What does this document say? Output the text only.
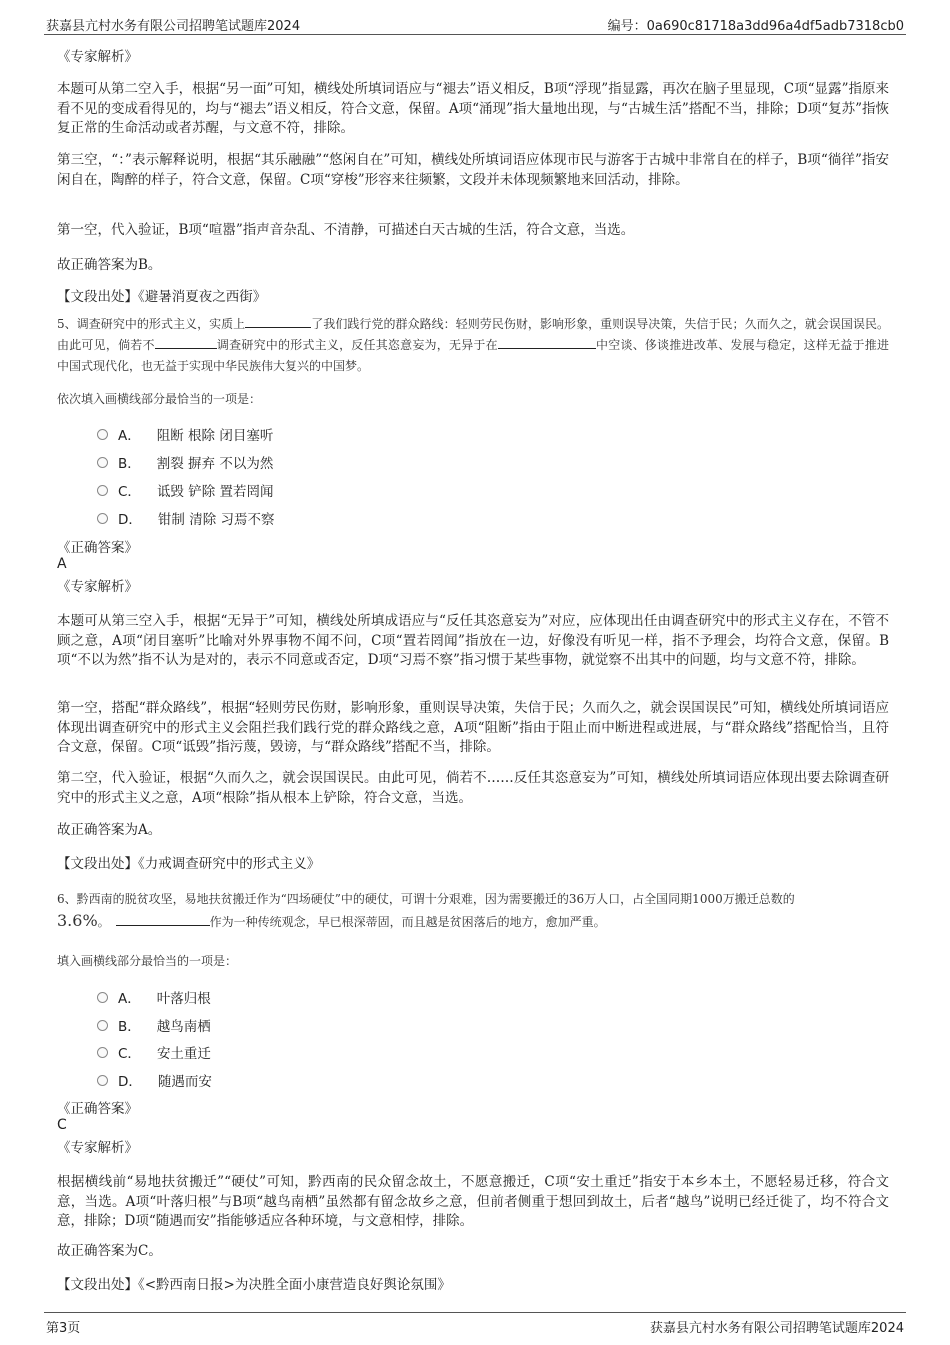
获嘉县亢村水务有限公司招聘笔试题库2024	编号：0a690c81718a3dd96a4df5adb7318cb0
《专家解析》
本题可从第二空入手，根据“另一面”可知，横线处所填词语应与“褪去”语义相反，B项“浮现”指显露，再次在脑子里显现，C项“显露”指原来看不见的变成看得见的，均与“褪去”语义相反，符合文意，保留。A项“涌现”指大量地出现，与“古城生活”搭配不当，排除；D项“复苏”指恢复正常的生命活动或者苏醒，与文意不符，排除。
第三空，“：”表示解释说明，根据“其乐融融”“悠闲自在”可知，横线处所填词语应体现市民与游客于古城中非常自在的样子，B项“徜徉”指安闲自在，陶醉的样子，符合文意，保留。C项“穿梭”形容来往频繁，文段并未体现频繁地来回活动，排除。
第一空，代入验证，B项“喧嚣”指声音杂乱、不清静，可描述白天古城的生活，符合文意，当选。
故正确答案为B。
【文段出处】《避暑消夏夜之西街》
5、调查研究中的形式主义，实质上	了我们践行党的群众路线：轻则劳民伤财，影响形象，重则误导决策，失信于民；久而久之，就会误国误民。由此可见，倘若不	调查研究中的形式主义，反任其恣意妄为，无异于在	中空谈、侈谈推进改革、发展与稳定，这样无益于推进中国式现代化，也无益于实现中华民族伟大复兴的中国梦。
依次填入画横线部分最恰当的一项是：
A． 阻断 根除 闭目塞听
B． 割裂 摒弃 不以为然
C． 诋毁 铲除 置若罔闻
D． 钳制 清除 习焉不察
《正确答案》
A
《专家解析》
本题可从第三空入手，根据“无异于”可知，横线处所填成语应与“反任其恣意妄为”对应，应体现出任由调查研究中的形式主义存在，不管不顾之意，A项“闭目塞听”比喻对外界事物不闻不问，C项“置若罔闻”指放在一边，好像没有听见一样，指不予理会，均符合文意，保留。B项“不以为然”指不认为是对的，表示不同意或否定，D项“习焉不察”指习惯于某些事物，就觉察不出其中的问题，均与文意不符，排除。
第一空，搭配“群众路线”，根据“轻则劳民伤财，影响形象，重则误导决策，失信于民；久而久之，就会误国误民”可知，横线处所填词语应体现出调查研究中的形式主义会阻拦我们践行党的群众路线之意，A项“阻断”指由于阻止而中断进程或进展，与“群众路线”搭配恰当，且符合文意，保留。C项“诋毁”指污蔑，毁谤，与“群众路线”搭配不当，排除。
第二空，代入验证，根据“久而久之，就会误国误民。由此可见，倘若不……反任其恣意妄为”可知，横线处所填词语应体现出要去除调查研究中的形式主义之意，A项“根除”指从根本上铲除，符合文意，当选。
故正确答案为A。
【文段出处】《力戒调查研究中的形式主义》
6、黔西南的脱贫攻坚，易地扶贫搬迁作为“四场硬仗”中的硬仗，可谓十分艰难，因为需要搬迁的36万人口，占全国同期1000万搬迁总数的
3.6%。	作为一种传统观念，早已根深蒂固，而且越是贫困落后的地方，愈加严重。
填入画横线部分最恰当的一项是：
A． 叶落归根
B． 越鸟南栖
C． 安土重迁
D． 随遇而安
《正确答案》
C
《专家解析》
根据横线前“易地扶贫搬迁”“硬仗”可知，黔西南的民众留念故土，不愿意搬迁，C项“安土重迁”指安于本乡本土，不愿轻易迁移，符合文意，当选。A项“叶落归根”与B项“越鸟南栖”虽然都有留念故乡之意，但前者侧重于想回到故土，后者“越鸟”说明已经迁徙了，均不符合文意，排除；D项“随遇而安”指能够适应各种环境，与文意相悖，排除。
故正确答案为C。
【文段出处】《<黔西南日报>为决胜全面小康营造良好舆论氛围》
第3页	获嘉县亢村水务有限公司招聘笔试题库2024
